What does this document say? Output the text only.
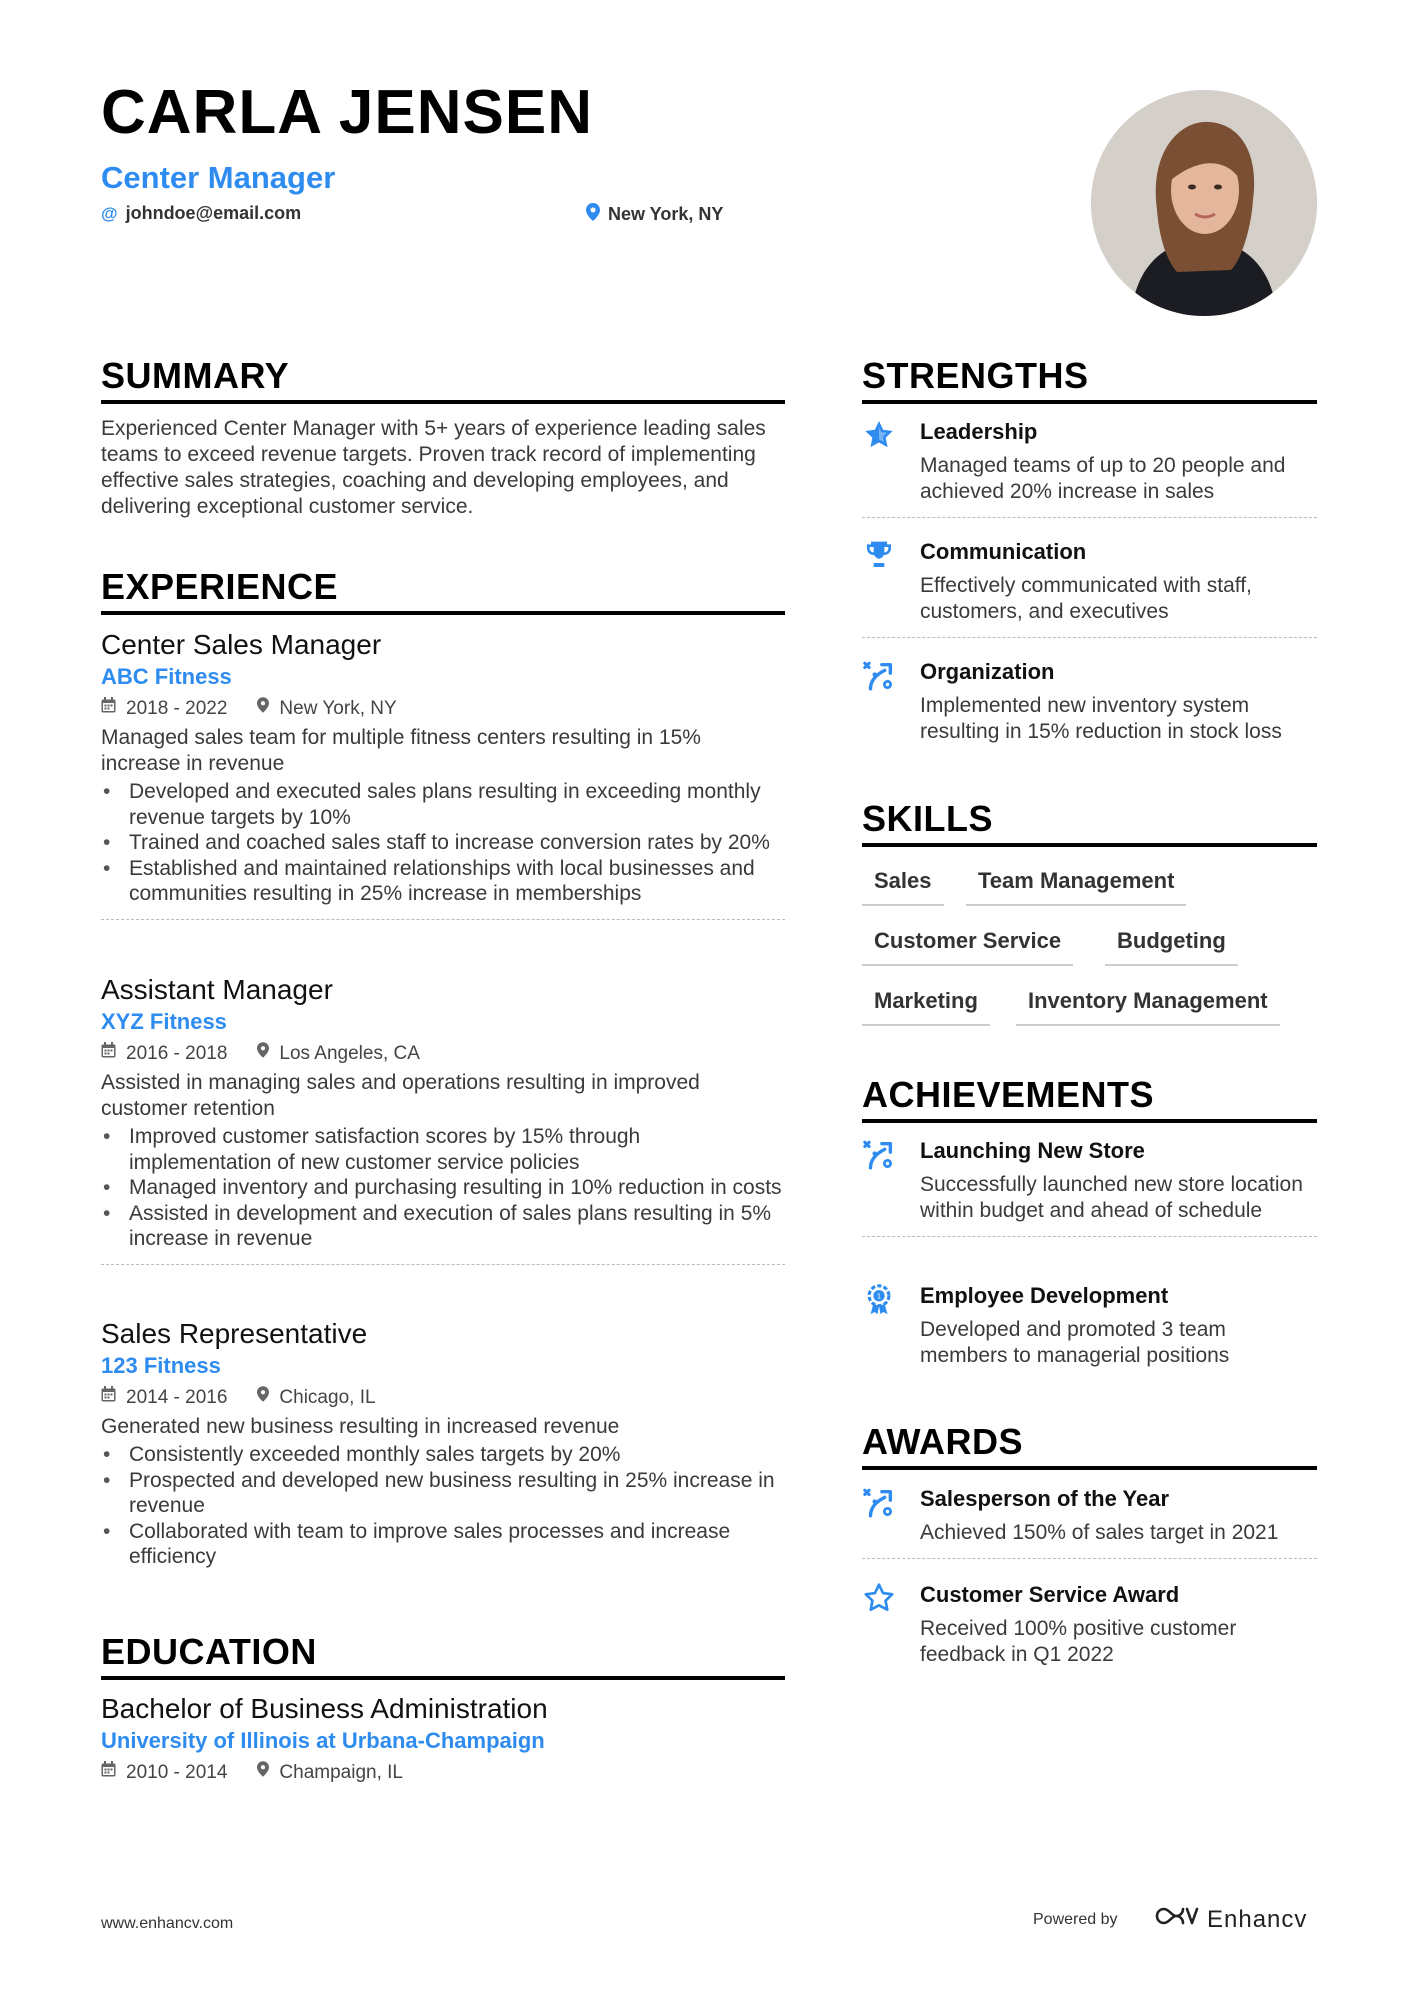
CARLA JENSEN
Center Manager
@ johndoe@email.com	New York, NY
SUMMARY
Experienced Center Manager with 5+ years of experience leading sales teams to exceed revenue targets. Proven track record of implementing effective sales strategies, coaching and developing employees, and delivering exceptional customer service.
EXPERIENCE
Center Sales Manager
ABC Fitness
2018 - 2022	New York, NY
Managed sales team for multiple fitness centers resulting in 15% increase in revenue
• Developed and executed sales plans resulting in exceeding monthly revenue targets by 10%
• Trained and coached sales staff to increase conversion rates by 20%
• Established and maintained relationships with local businesses and communities resulting in 25% increase in memberships
Assistant Manager
XYZ Fitness
2016 - 2018	Los Angeles, CA
Assisted in managing sales and operations resulting in improved customer retention
• Improved customer satisfaction scores by 15% through implementation of new customer service policies
• Managed inventory and purchasing resulting in 10% reduction in costs
• Assisted in development and execution of sales plans resulting in 5% increase in revenue
Sales Representative
123 Fitness
2014 - 2016	Chicago, IL
Generated new business resulting in increased revenue
• Consistently exceeded monthly sales targets by 20%
• Prospected and developed new business resulting in 25% increase in revenue
• Collaborated with team to improve sales processes and increase efficiency
EDUCATION
Bachelor of Business Administration
University of Illinois at Urbana-Champaign
2010 - 2014	Champaign, IL
STRENGTHS
Leadership
Managed teams of up to 20 people and achieved 20% increase in sales
Communication
Effectively communicated with staff, customers, and executives
Organization
Implemented new inventory system resulting in 15% reduction in stock loss
SKILLS
Sales	Team Management
Customer Service	Budgeting
Marketing	Inventory Management
ACHIEVEMENTS
Launching New Store
Successfully launched new store location within budget and ahead of schedule
1 Employee Development
Developed and promoted 3 team members to managerial positions
AWARDS
Salesperson of the Year
Achieved 150% of sales target in 2021
Customer Service Award
Received 100% positive customer feedback in Q1 2022
www.enhancv.com	Powered by	Enhancv
